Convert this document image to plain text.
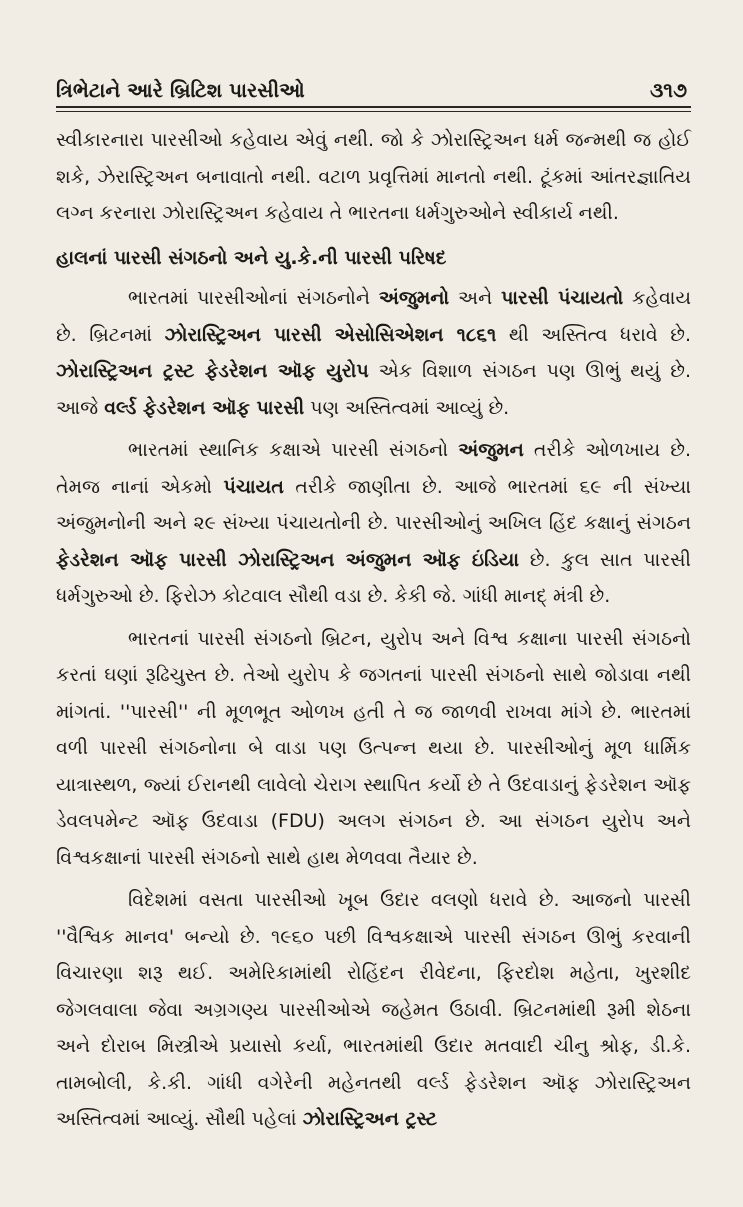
ત્રિભેટાને આરે બ્રિટિશ પારસીઓ	૩૧૭

સ્વીકારનારા પારસીઓ કહેવાય એવું નથી. જો કે ઝોરાસ્ટ્રિઅન ધર્મ જન્મથી જ હોઈ શકે, ઝેરાસ્ટ્રિઅન બનાવાતો નથી. વટાળ પ્રવૃત્તિમાં માનતો નથી. ટૂંકમાં આંતરજ્ઞાતિય લગ્ન કરનારા ઝોરાસ્ટ્રિઅન કહેવાય તે ભારતના ધર્મગુરુઓને સ્વીકાર્ય નથી.

હાલનાં પારસી સંગઠનો અને યુ.કે.ની પારસી પરિષદ

ભારતમાં પારસીઓનાં સંગઠનોને અંજુમનો અને પારસી પંચાયતો કહેવાય છે. બ્રિટનમાં ઝોરાસ્ટ્રિઅન પારસી એસોસિએશન ૧૮૬૧ થી અસ્તિત્વ ધરાવે છે. ઝોરાસ્ટ્રિઅન ટ્રસ્ટ ફેડરેશન ઑફ યુરોપ એક વિશાળ સંગઠન પણ ઊભું થયું છે. આજે વર્લ્ડ ફેડરેશન ઑફ પારસી પણ અસ્તિત્વમાં આવ્યું છે.

ભારતમાં સ્થાનિક કક્ષાએ પારસી સંગઠનો અંજુમન તરીકે ઓળખાય છે. તેમજ નાનાં એકમો પંચાયત તરીકે જાણીતા છે. આજે ભારતમાં ૬૯ ની સંખ્યા અંજુમનોની અને ૨૯ સંખ્યા પંચાયતોની છે. પારસીઓનું અખિલ હિંદ કક્ષાનું સંગઠન ફેડરેશન ઑફ પારસી ઝોરાસ્ટ્રિઅન અંજુમન ઑફ ઇંડિયા છે. કુલ સાત પારસી ધર્મગુરુઓ છે. ફિરોઝ કોટવાલ સૌથી વડા છે. કેકી જે. ગાંધી માનદ્ મંત્રી છે.

ભારતનાં પારસી સંગઠનો બ્રિટન, યુરોપ અને વિશ્વ કક્ષાના પારસી સંગઠનો કરતાં ઘણાં રૂઢિચુસ્ત છે. તેઓ યુરોપ કે જગતનાં પારસી સંગઠનો સાથે જોડાવા નથી માંગતાં. ''પારસી'' ની મૂળભૂત ઓળખ હતી તે જ જાળવી રાખવા માંગે છે. ભારતમાં વળી પારસી સંગઠનોના બે વાડા પણ ઉત્પન્ન થયા છે. પારસીઓનું મૂળ ધાર્મિક યાત્રાસ્થળ, જ્યાં ઈરાનથી લાવેલો ચેરાગ સ્થાપિત કર્યો છે તે ઉદવાડાનું ફેડરેશન ઑફ ડેવલપમેન્ટ ઑફ ઉદવાડા (FDU) અલગ સંગઠન છે. આ સંગઠન યુરોપ અને વિશ્વકક્ષાનાં પારસી સંગઠનો સાથે હાથ મેળવવા તૈયાર છે.

વિદેશમાં વસતા પારસીઓ ખૂબ ઉદાર વલણો ધરાવે છે. આજનો પારસી ''વૈશ્વિક માનવ' બન્યો છે. ૧૯૬૦ પછી વિશ્વકક્ષાએ પારસી સંગઠન ઊભું કરવાની વિચારણા શરૂ થઈ. અમેરિકામાંથી રોહિંદન રીવેદના, ફિરદોશ મહેતા, ખુરશીદ જેગલવાલા જેવા અગ્રગણ્ય પારસીઓએ જહેમત ઉઠાવી. બ્રિટનમાંથી રૂમી શેઠના અને દોરાબ મિસ્ત્રીએ પ્રયાસો કર્યા, ભારતમાંથી ઉદાર મતવાદી ચીનુ શ્રોફ, ડી.કે. તામબોલી, કે.કી. ગાંધી વગેરેની મહેનતથી વર્લ્ડ ફેડરેશન ઑફ ઝોરાસ્ટ્રિઅન અસ્તિત્વમાં આવ્યું. સૌથી પહેલાં ઝોરાસ્ટ્રિઅન ટ્રસ્ટ
